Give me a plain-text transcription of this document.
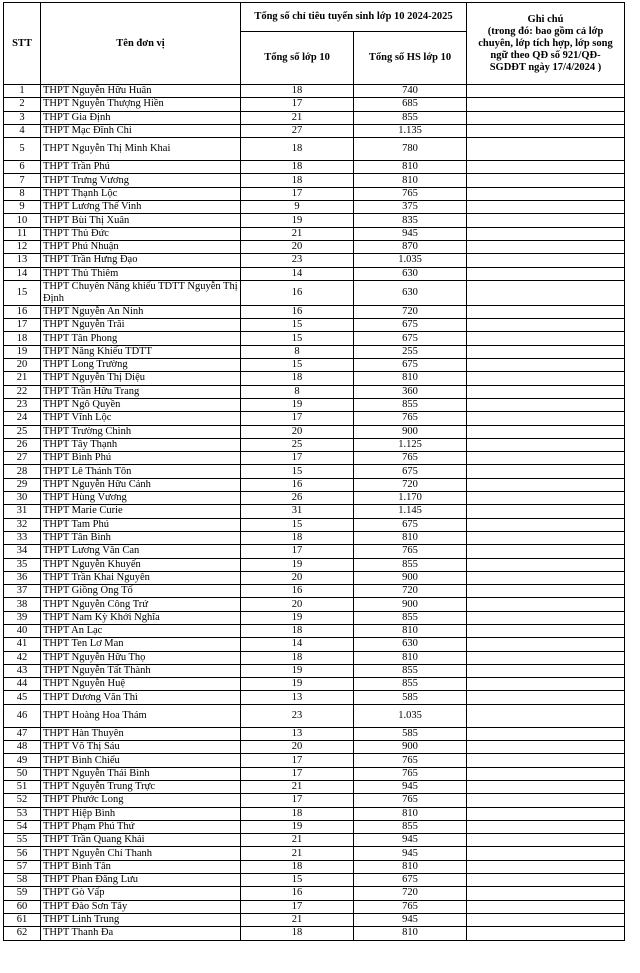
STT	Tên đơn vị	Tổng số chỉ tiêu tuyển sinh lớp 10 2024-2025		Ghi chú
(trong đó: bao gồm cả lớp chuyên, lớp tích hợp, lớp song ngữ theo QĐ số 921/QĐ-SGDĐT ngày 17/4/2024 )

		Tổng số lớp 10	Tổng số HS lớp 10	
1	THPT Nguyễn Hữu Huân	18	740	
2	THPT Nguyễn Thượng Hiền	17	685	
3	THPT Gia Định	21	855	
4	THPT Mạc Đĩnh Chi	27	1.135	
5	THPT Nguyễn Thị Minh Khai	18	780	
6	THPT Trần Phú	18	810	
7	THPT Trưng Vương	18	810	
8	THPT Thạnh Lộc	17	765	
9	THPT Lương Thế Vinh	9	375	
10	THPT Bùi Thị Xuân	19	835	
11	THPT Thủ Đức	21	945	
12	THPT Phú Nhuận	20	870	
13	THPT Trần Hưng Đạo	23	1.035	
14	THPT Thủ Thiêm	14	630	
15	THPT Chuyên Năng khiếu TDTT Nguyễn Thị Định	16	630	
16	THPT Nguyễn An Ninh	16	720	
17	THPT Nguyễn Trãi	15	675	
18	THPT Tân Phong	15	675	
19	THPT Năng Khiếu TDTT	8	255	
20	THPT Long Trường	15	675	
21	THPT Nguyễn Thị Diệu	18	810	
22	THPT Trần Hữu Trang	8	360	
23	THPT Ngô Quyền	19	855	
24	THPT Vĩnh Lộc	17	765	
25	THPT Trường Chinh	20	900	
26	THPT Tây Thạnh	25	1.125	
27	THPT Bình Phú	17	765	
28	THPT Lê Thánh Tôn	15	675	
29	THPT Nguyễn Hữu Cảnh	16	720	
30	THPT Hùng Vương	26	1.170	
31	THPT Marie Curie	31	1.145	
32	THPT Tam Phú	15	675	
33	THPT Tân Bình	18	810	
34	THPT Lương Văn Can	17	765	
35	THPT Nguyễn Khuyến	19	855	
36	THPT Trần Khai Nguyên	20	900	
37	THPT Giồng Ông Tố	16	720	
38	THPT Nguyễn Công Trứ	20	900	
39	THPT Nam Kỳ Khởi Nghĩa	19	855	
40	THPT An Lạc	18	810	
41	THPT Ten Lơ Man	14	630	
42	THPT Nguyễn Hữu Thọ	18	810	
43	THPT Nguyễn Tất Thành	19	855	
44	THPT Nguyễn Huệ	19	855	
45	THPT Dương Văn Thì	13	585	
46	THPT Hoàng Hoa Thám	23	1.035	
47	THPT Hàn Thuyên	13	585	
48	THPT Võ Thị Sáu	20	900	
49	THPT Bình Chiểu	17	765	
50	THPT Nguyễn Thái Bình	17	765	
51	THPT Nguyễn Trung Trực	21	945	
52	THPT Phước Long	17	765	
53	THPT Hiệp Bình	18	810	
54	THPT Phạm Phú Thứ	19	855	
55	THPT Trần Quang Khải	21	945	
56	THPT Nguyễn Chí Thanh	21	945	
57	THPT Bình Tân	18	810	
58	THPT Phan Đăng Lưu	15	675	
59	THPT Gò Vấp	16	720	
60	THPT Đào Sơn Tây	17	765	
61	THPT Linh Trung	21	945	
62	THPT Thanh Đa	18	810	
